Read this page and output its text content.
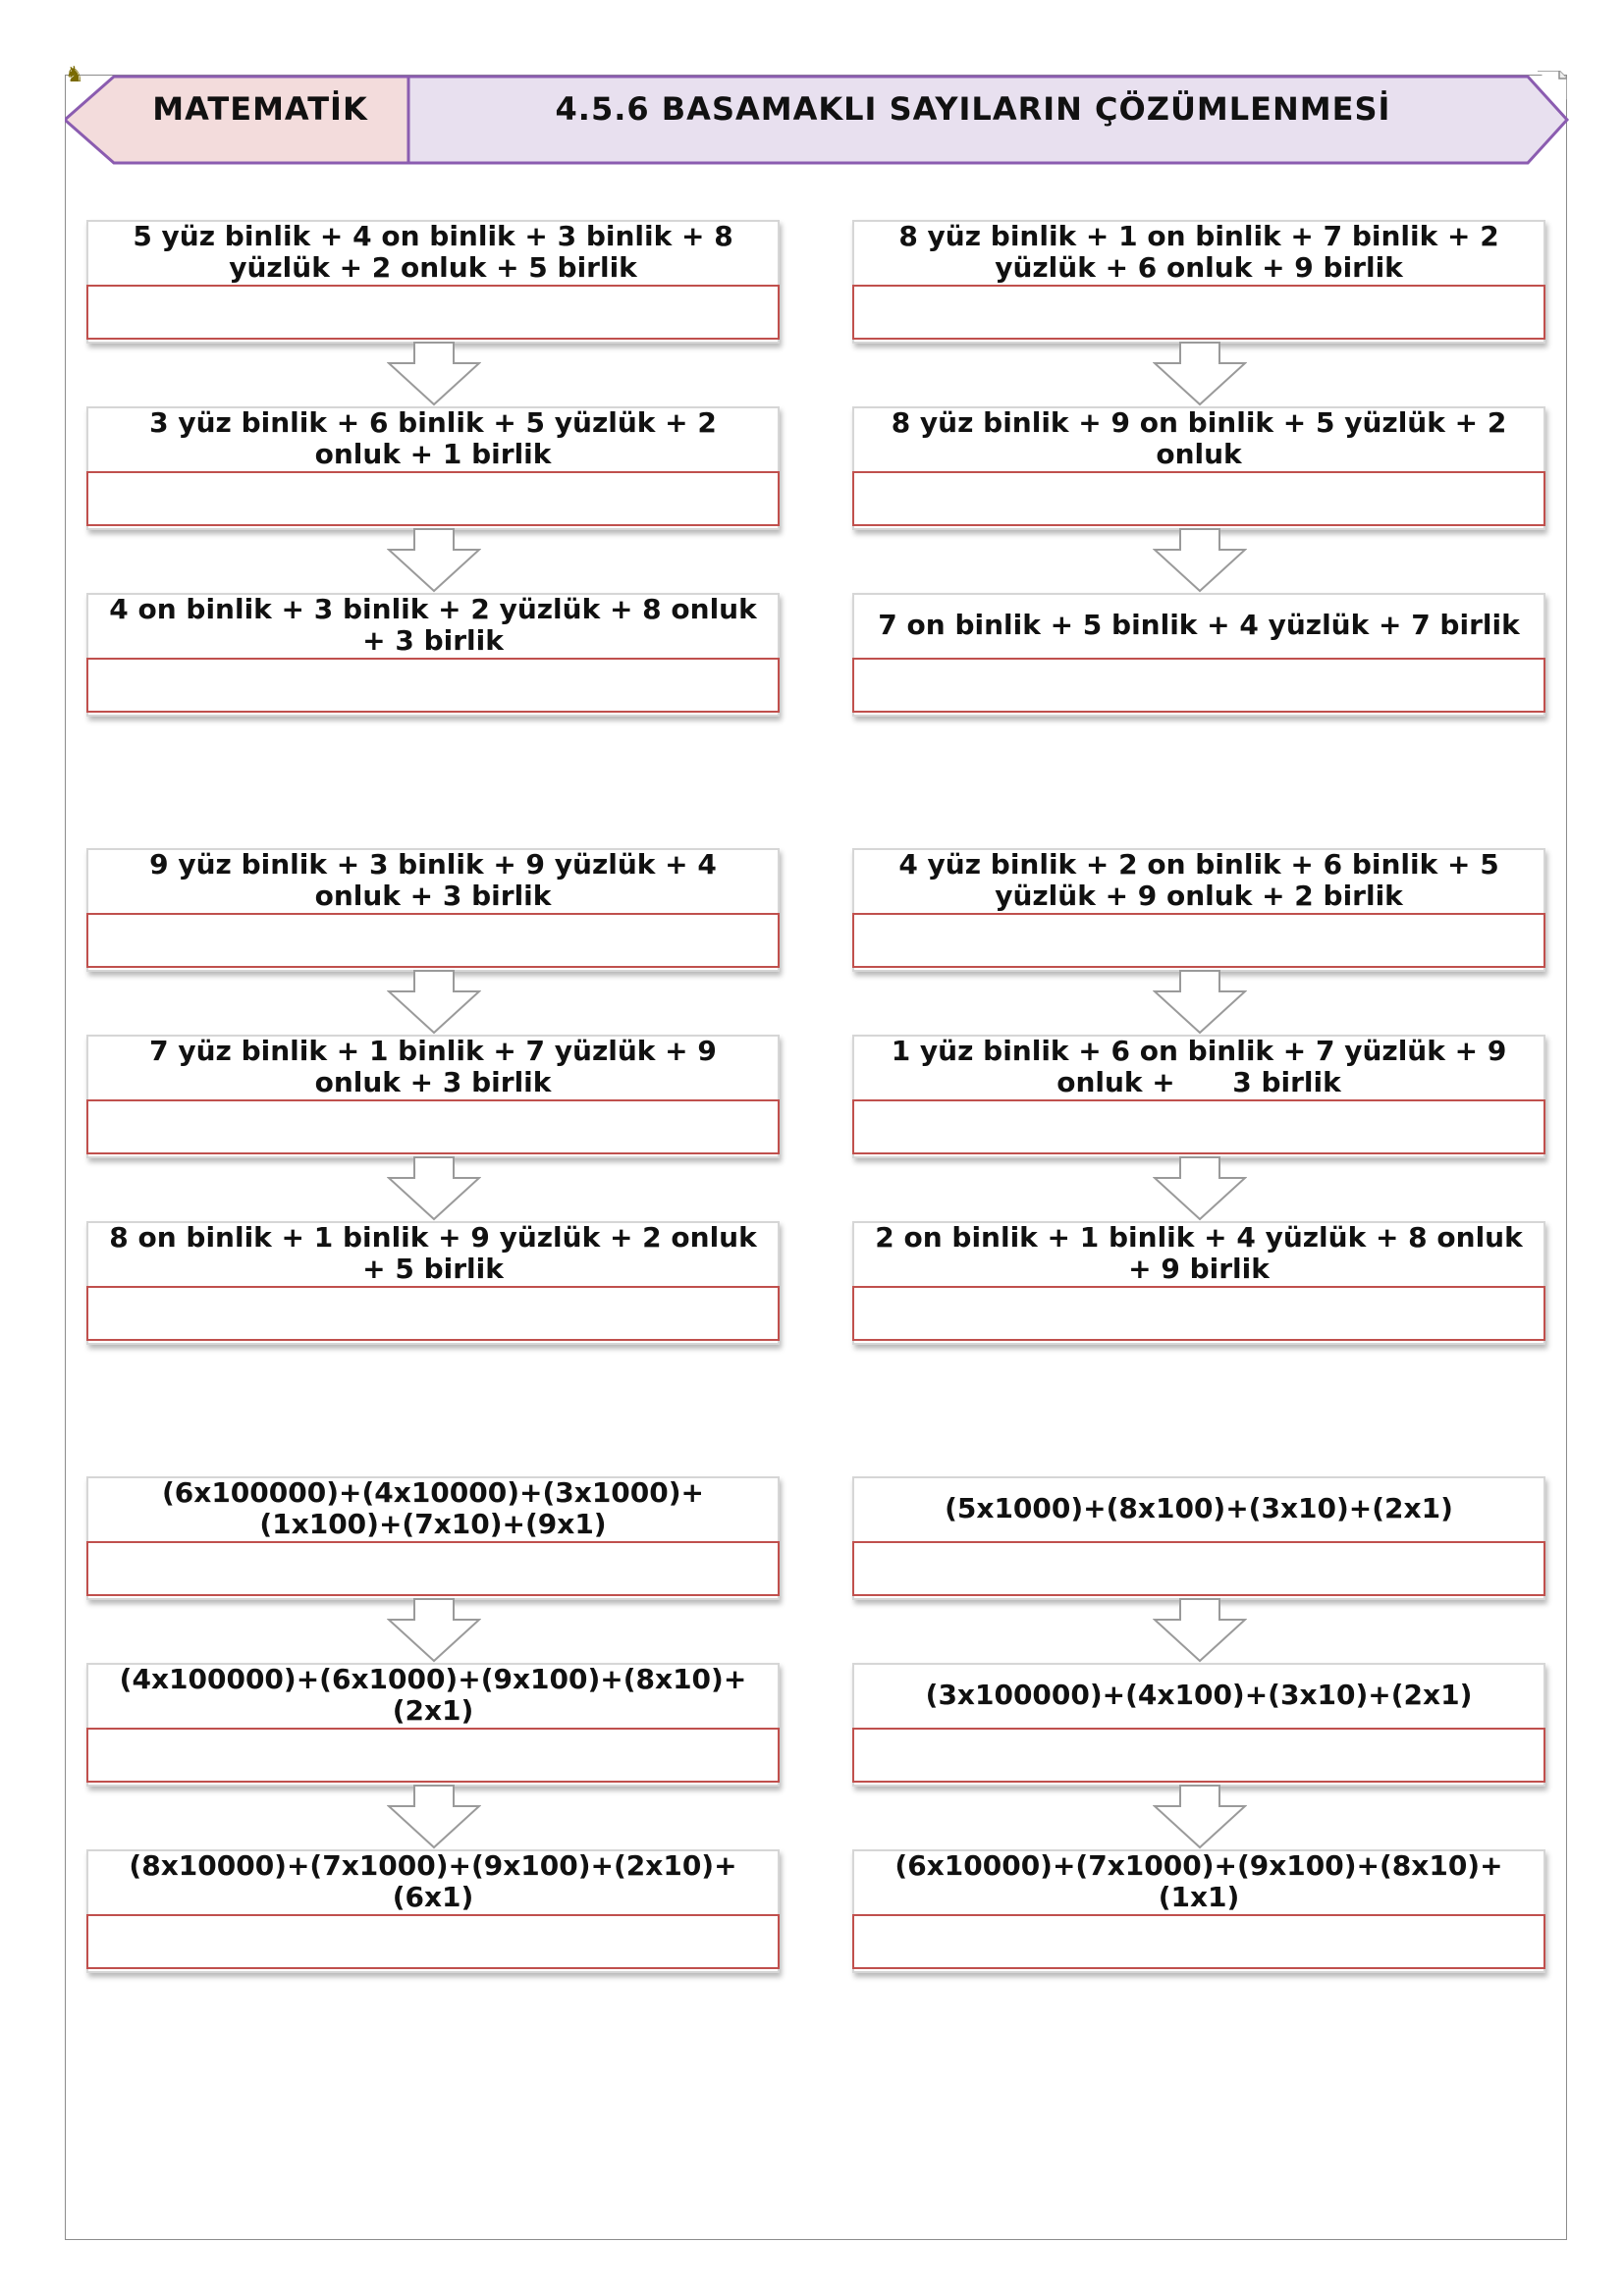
♞
MATEMATİK	4.5.6 BASAMAKLI SAYILARIN ÇÖZÜMLENMESİ
5 yüz binlik + 4 on binlik + 3 binlik + 8 yüzlük + 2 onluk + 5 birlik
3 yüz binlik + 6 binlik + 5 yüzlük + 2 onluk + 1 birlik
4 on binlik + 3 binlik + 2 yüzlük + 8 onluk + 3 birlik
8 yüz binlik + 1 on binlik + 7 binlik + 2 yüzlük + 6 onluk + 9 birlik
8 yüz binlik + 9 on binlik + 5 yüzlük + 2 onluk
7 on binlik + 5 binlik + 4 yüzlük + 7 birlik
9 yüz binlik + 3 binlik + 9 yüzlük + 4 onluk + 3 birlik
7 yüz binlik + 1 binlik + 7 yüzlük + 9 onluk + 3 birlik
8 on binlik + 1 binlik + 9 yüzlük + 2 onluk + 5 birlik
4 yüz binlik + 2 on binlik + 6 binlik + 5 yüzlük + 9 onluk + 2 birlik
1 yüz binlik + 6 on binlik + 7 yüzlük + 9 onluk +      3 birlik
2 on binlik + 1 binlik + 4 yüzlük + 8 onluk + 9 birlik
(6x100000)+(4x10000)+(3x1000)+(1x100)+(7x10)+(9x1)
(4x100000)+(6x1000)+(9x100)+(8x10)+(2x1)
(8x10000)+(7x1000)+(9x100)+(2x10)+(6x1)
(5x1000)+(8x100)+(3x10)+(2x1)
(3x100000)+(4x100)+(3x10)+(2x1)
(6x10000)+(7x1000)+(9x100)+(8x10)+(1x1)
